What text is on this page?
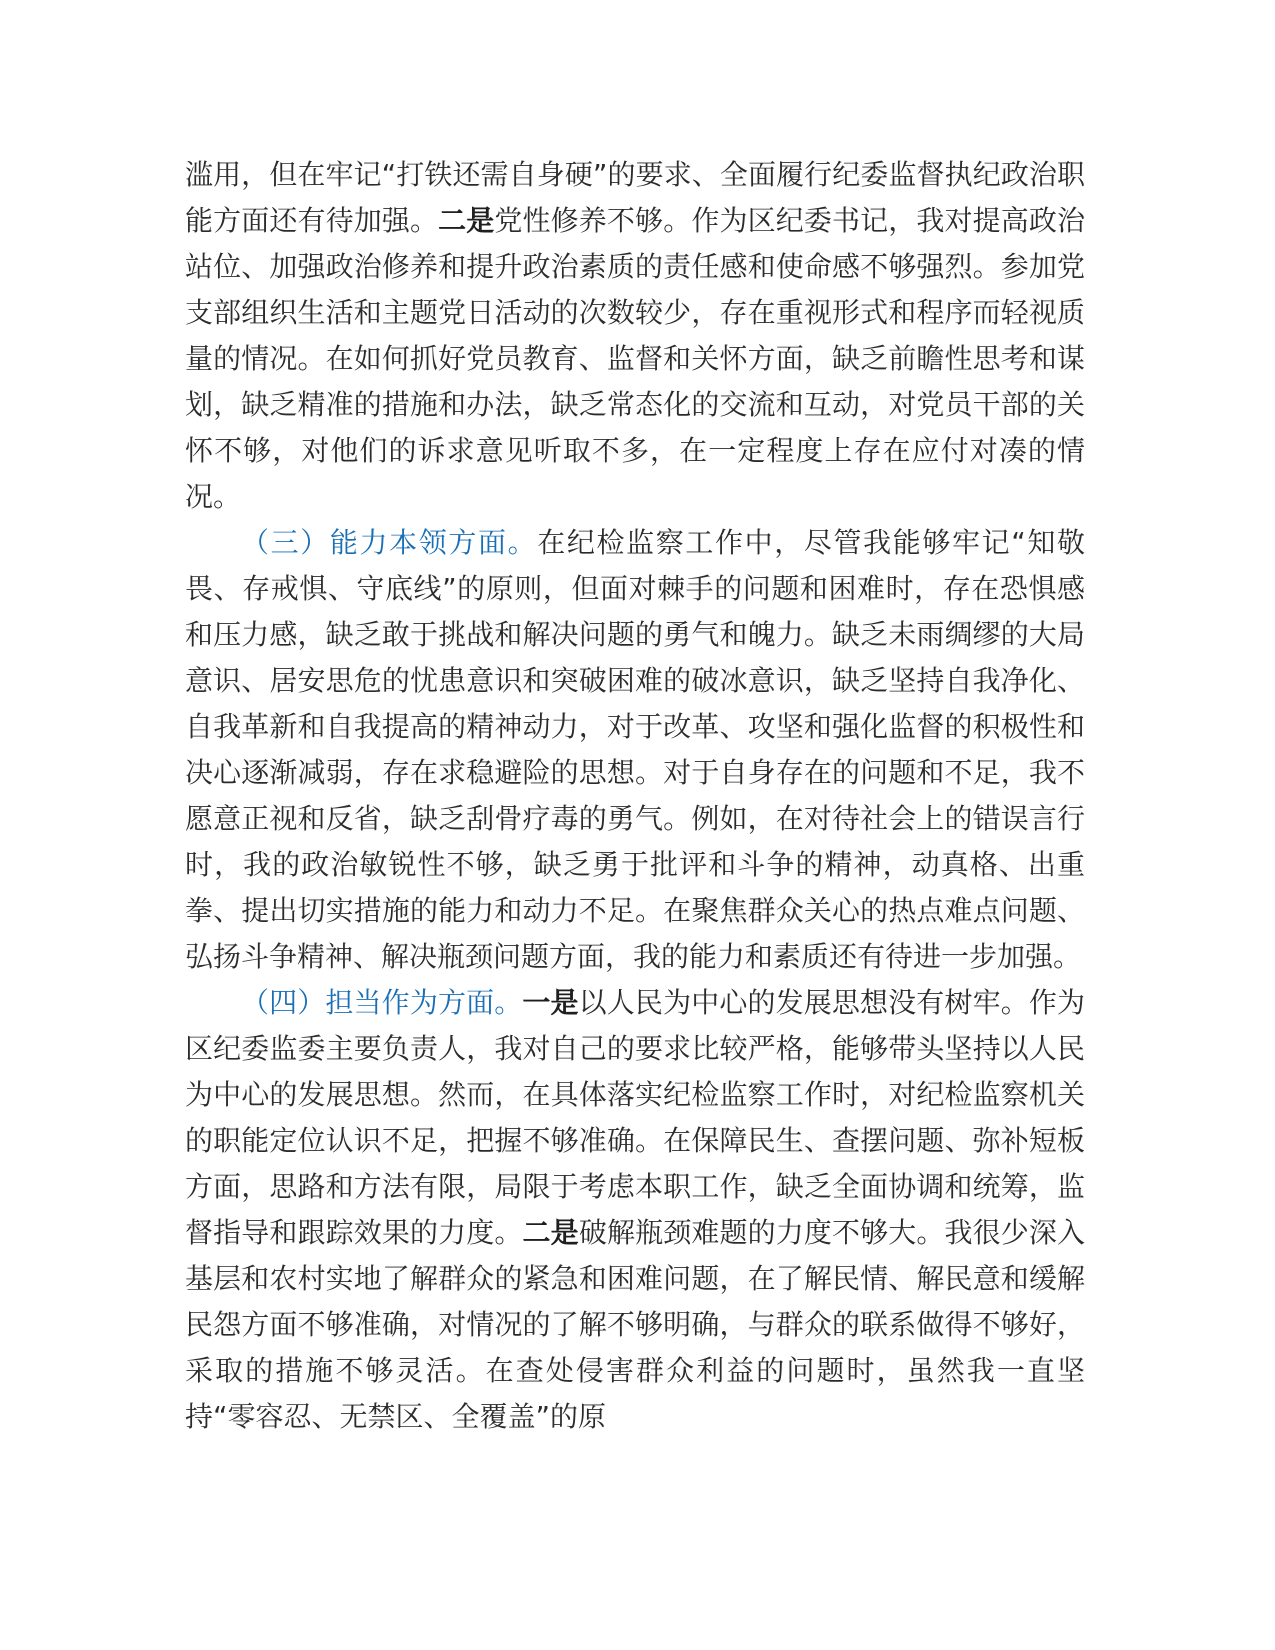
滥用，但在牢记“打铁还需自身硬”的要求、全面履行纪委监督执纪政治职能方面还有待加强。二是党性修养不够。作为区纪委书记，我对提高政治站位、加强政治修养和提升政治素质的责任感和使命感不够强烈。参加党支部组织生活和主题党日活动的次数较少，存在重视形式和程序而轻视质量的情况。在如何抓好党员教育、监督和关怀方面，缺乏前瞻性思考和谋划，缺乏精准的措施和办法，缺乏常态化的交流和互动，对党员干部的关怀不够，对他们的诉求意见听取不多，在一定程度上存在应付对凑的情况。

（三）能力本领方面。在纪检监察工作中，尽管我能够牢记“知敬畏、存戒惧、守底线”的原则，但面对棘手的问题和困难时，存在恐惧感和压力感，缺乏敢于挑战和解决问题的勇气和魄力。缺乏未雨绸缪的大局意识、居安思危的忧患意识和突破困难的破冰意识，缺乏坚持自我净化、自我革新和自我提高的精神动力，对于改革、攻坚和强化监督的积极性和决心逐渐减弱，存在求稳避险的思想。对于自身存在的问题和不足，我不愿意正视和反省，缺乏刮骨疗毒的勇气。例如，在对待社会上的错误言行时，我的政治敏锐性不够，缺乏勇于批评和斗争的精神，动真格、出重拳、提出切实措施的能力和动力不足。在聚焦群众关心的热点难点问题、弘扬斗争精神、解决瓶颈问题方面，我的能力和素质还有待进一步加强。

（四）担当作为方面。一是以人民为中心的发展思想没有树牢。作为区纪委监委主要负责人，我对自己的要求比较严格，能够带头坚持以人民为中心的发展思想。然而，在具体落实纪检监察工作时，对纪检监察机关的职能定位认识不足，把握不够准确。在保障民生、查摆问题、弥补短板方面，思路和方法有限，局限于考虑本职工作，缺乏全面协调和统筹，监督指导和跟踪效果的力度。二是破解瓶颈难题的力度不够大。我很少深入基层和农村实地了解群众的紧急和困难问题，在了解民情、解民意和缓解民怨方面不够准确，对情况的了解不够明确，与群众的联系做得不够好，采取的措施不够灵活。在查处侵害群众利益的问题时，虽然我一直坚持“零容忍、无禁区、全覆盖”的原
